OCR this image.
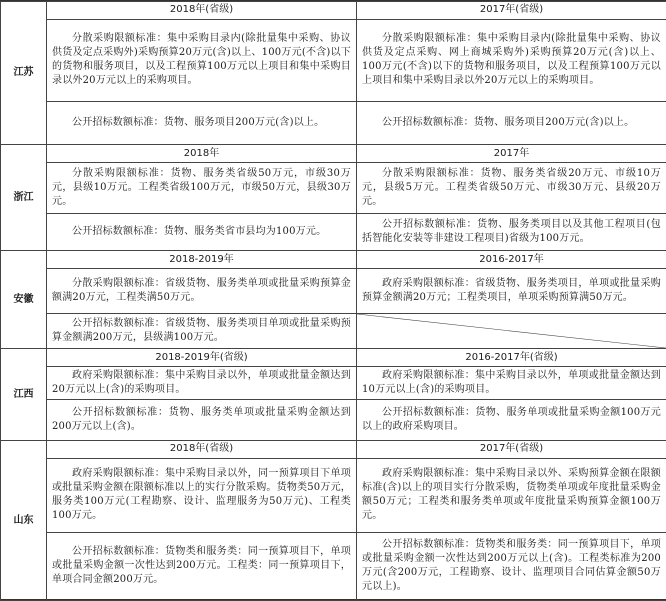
江苏	2018年(省级)	2017年(省级)
	分散采购限额标准：集中采购目录内(除批量集中采购、协议供货及定点采购外)采购预算20万元(含)以上、100万元(不含)以下的货物和服务项目，以及工程预算100万元以上项目和集中采购目录以外20万元以上的采购项目。	分散采购限额标准：集中采购目录内(除批量集中采购、协议供货及定点采购、网上商城采购外)采购预算20万元(含)以上、100万元(不含)以下的货物和服务项目，以及工程预算100万元以上项目和集中采购目录以外20万元以上的采购项目。
	公开招标数额标准：货物、服务项目200万元(含)以上。	公开招标数额标准：货物、服务项目200万元(含)以上。
浙江	2018年	2017年
	分散采购限额标准：货物、服务类省级50万元，市级30万元，县级10万元。工程类省级100万元，市级50万元，县级30万元。	分散采购限额标准：货物、服务类省级20万元、市级10万元，县级5万元。工程类省级50万元、市级30万元、县级20万元。
	公开招标数额标准：货物、服务类省市县均为100万元。	公开招标数额标准：货物、服务类项目以及其他工程项目(包括智能化安装等非建设工程项目)省级为100万元。
安徽	2018-2019年	2016-2017年
	分散采购限额标准：省级货物、服务类单项或批量采购预算金额满20万元，工程类满50万元。	政府采购限额标准：省级货物、服务类项目，单项或批量采购预算金额满20万元；工程类项目，单项采购预算满50万元。
	公开招标数额标准：省级货物、服务类项目单项或批量采购预算金额满200万元，县级满100万元。	

江西	2018-2019年(省级)	2016-2017年(省级)
	政府采购限额标准：集中采购目录以外，单项或批量金额达到20万元以上(含)的采购项目。	政府采购限额标准：集中采购目录以外，单项或批量金额达到10万元以上(含)的采购项目。
	公开招标数额标准：货物、服务类单项或批量采购金额达到200万元以上(含)。	公开招标数额标准：货物、服务单项或批量采购金额100万元以上的政府采购项目。
山东	2018年(省级)	2017年(省级)
	政府采购限额标准：集中采购目录以外，同一预算项目下单项或批量采购金额在限额标准以上的实行分散采购。货物类50万元，服务类100万元(工程勘察、设计、监理服务为50万元)、工程类100万元。	政府采购限额标准：集中采购目录以外、采购预算金额在限额标准(含)以上的项目实行分散采购，货物类单项或年度批量采购金额50万元；工程类和服务类单项或年度批量采购预算金额100万元。
	公开招标数额标准：货物类和服务类：同一预算项目下，单项或批量采购金额一次性达到200万元。工程类：同一预算项目下，单项合同金额200万元。	公开招标数额标准：货物类和服务类：同一预算项目下，单项或批量采购金额一次性达到200万元以上(含)。工程类标准为200万元(含200万元，工程勘察、设计、监理项目合同估算金额50万元以上)。
